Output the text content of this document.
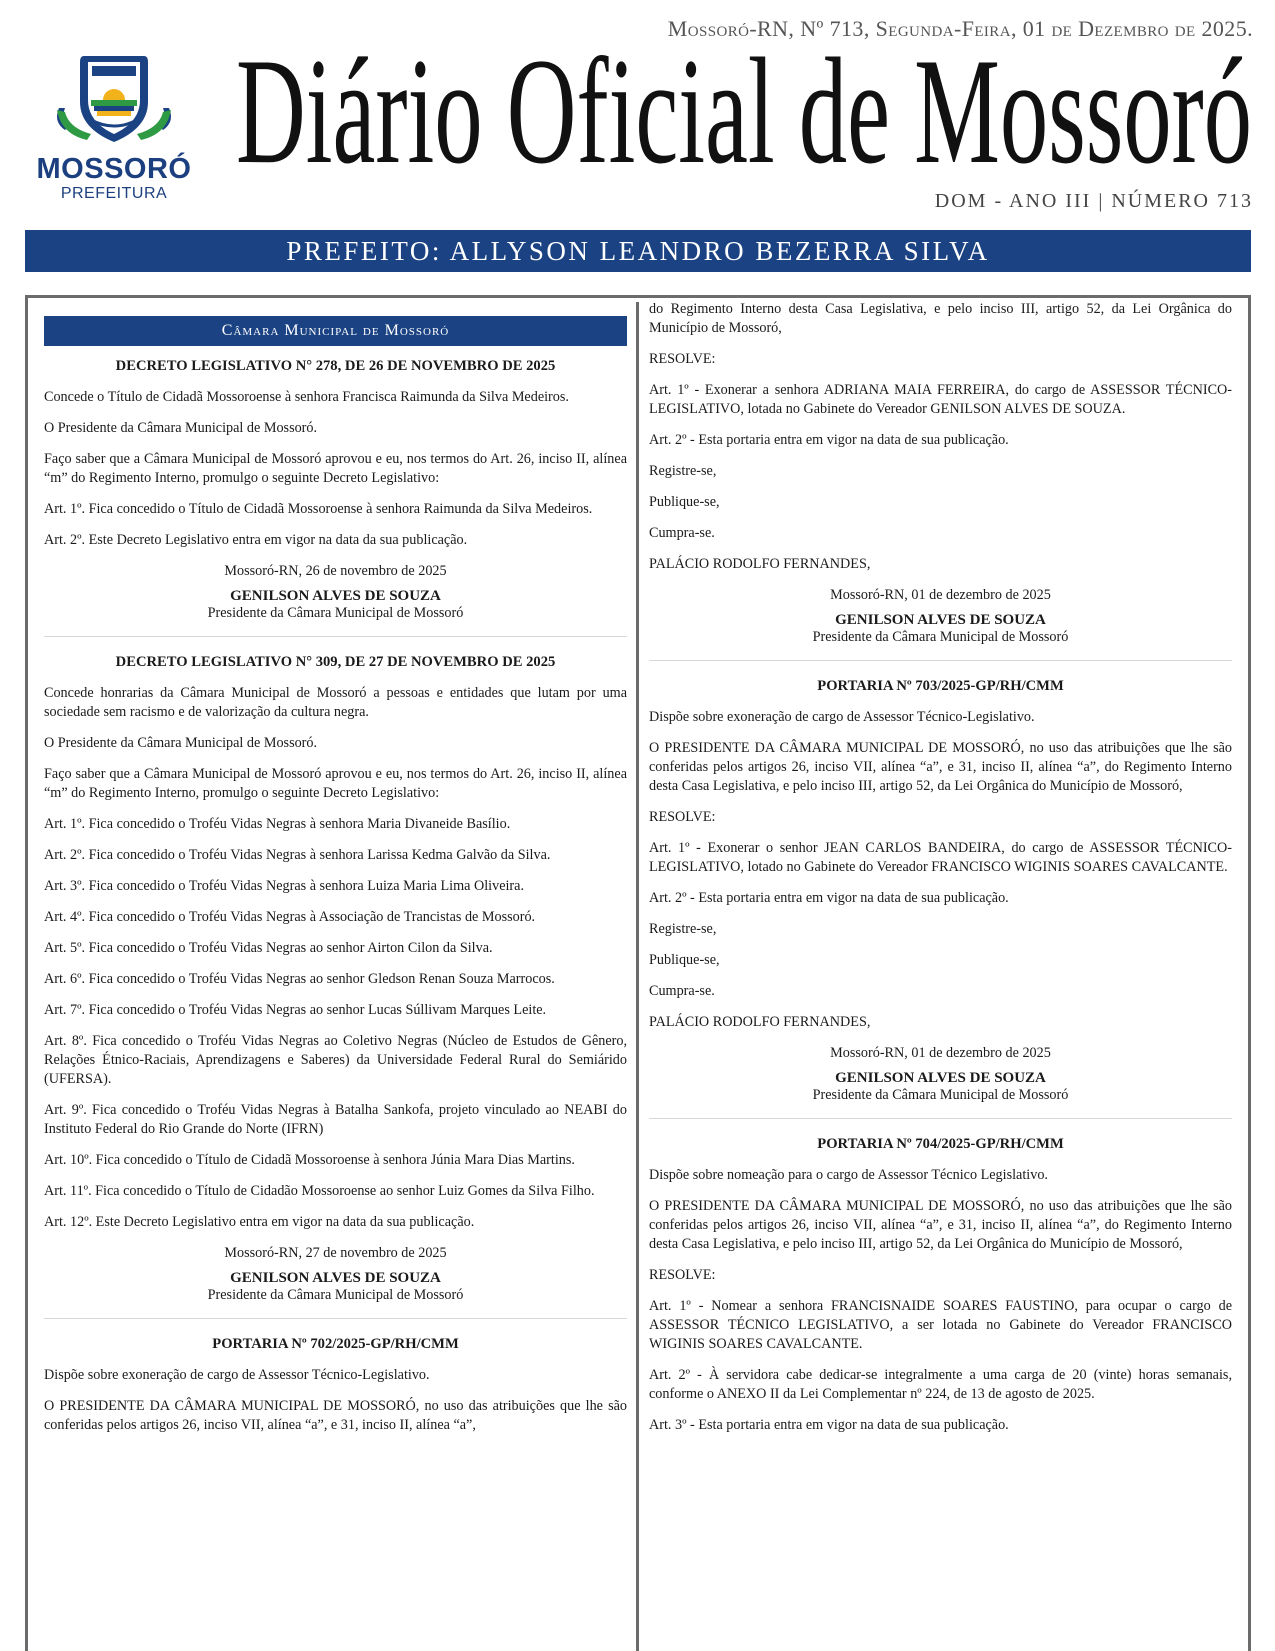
MOSSORÓ
PREFEITURA
Mossoró-RN, Nº 713, Segunda-Feira, 01 de Dezembro de 2025.
Diário Oficial de Mossoró
DOM - ANO III | NÚMERO 713
PREFEITO: ALLYSON LEANDRO BEZERRA SILVA
Câmara Municipal de Mossoró
DECRETO LEGISLATIVO N° 278, DE 26 DE NOVEMBRO DE 2025
Concede o Título de Cidadã Mossoroense à senhora Francisca Raimunda da Silva Medeiros.
O Presidente da Câmara Municipal de Mossoró.
Faço saber que a Câmara Municipal de Mossoró aprovou e eu, nos termos do Art. 26, inciso II, alínea “m” do Regimento Interno, promulgo o seguinte Decreto Legislativo:
Art. 1º. Fica concedido o Título de Cidadã Mossoroense à senhora Raimunda da Silva Medeiros.
Art. 2º. Este Decreto Legislativo entra em vigor na data da sua publicação.
Mossoró-RN, 26 de novembro de 2025
GENILSON ALVES DE SOUZA
Presidente da Câmara Municipal de Mossoró
DECRETO LEGISLATIVO N° 309, DE 27 DE NOVEMBRO DE 2025
Concede honrarias da Câmara Municipal de Mossoró a pessoas e entidades que lutam por uma sociedade sem racismo e de valorização da cultura negra.
O Presidente da Câmara Municipal de Mossoró.
Faço saber que a Câmara Municipal de Mossoró aprovou e eu, nos termos do Art. 26, inciso II, alínea “m” do Regimento Interno, promulgo o seguinte Decreto Legislativo:
Art. 1º. Fica concedido o Troféu Vidas Negras à senhora Maria Divaneide Basílio.
Art. 2º. Fica concedido o Troféu Vidas Negras à senhora Larissa Kedma Galvão da Silva.
Art. 3º. Fica concedido o Troféu Vidas Negras à senhora Luiza Maria Lima Oliveira.
Art. 4º. Fica concedido o Troféu Vidas Negras à Associação de Trancistas de Mossoró.
Art. 5º. Fica concedido o Troféu Vidas Negras ao senhor Airton Cilon da Silva.
Art. 6º. Fica concedido o Troféu Vidas Negras ao senhor Gledson Renan Souza Marrocos.
Art. 7º. Fica concedido o Troféu Vidas Negras ao senhor Lucas Súllivam Marques Leite.
Art. 8º. Fica concedido o Troféu Vidas Negras ao Coletivo Negras (Núcleo de Estudos de Gênero, Relações Étnico-Raciais, Aprendizagens e Saberes) da Universidade Federal Rural do Semiárido (UFERSA).
Art. 9º. Fica concedido o Troféu Vidas Negras à Batalha Sankofa, projeto vinculado ao NEABI do Instituto Federal do Rio Grande do Norte (IFRN)
Art. 10º. Fica concedido o Título de Cidadã Mossoroense à senhora Júnia Mara Dias Martins.
Art. 11º. Fica concedido o Título de Cidadão Mossoroense ao senhor Luiz Gomes da Silva Filho.
Art. 12º. Este Decreto Legislativo entra em vigor na data da sua publicação.
Mossoró-RN, 27 de novembro de 2025
GENILSON ALVES DE SOUZA
Presidente da Câmara Municipal de Mossoró
PORTARIA Nº 702/2025-GP/RH/CMM
Dispõe sobre exoneração de cargo de Assessor Técnico-Legislativo.
O PRESIDENTE DA CÂMARA MUNICIPAL DE MOSSORÓ, no uso das atribuições que lhe são conferidas pelos artigos 26, inciso VII, alínea “a”, e 31, inciso II, alínea “a”,
do Regimento Interno desta Casa Legislativa, e pelo inciso III, artigo 52, da Lei Orgânica do Município de Mossoró,
RESOLVE:
Art. 1º - Exonerar a senhora ADRIANA MAIA FERREIRA, do cargo de ASSESSOR TÉCNICO-LEGISLATIVO, lotada no Gabinete do Vereador GENILSON ALVES DE SOUZA.
Art. 2º - Esta portaria entra em vigor na data de sua publicação.
Registre-se,
Publique-se,
Cumpra-se.
PALÁCIO RODOLFO FERNANDES,
Mossoró-RN, 01 de dezembro de 2025
GENILSON ALVES DE SOUZA
Presidente da Câmara Municipal de Mossoró
PORTARIA Nº 703/2025-GP/RH/CMM
Dispõe sobre exoneração de cargo de Assessor Técnico-Legislativo.
O PRESIDENTE DA CÂMARA MUNICIPAL DE MOSSORÓ, no uso das atribuições que lhe são conferidas pelos artigos 26, inciso VII, alínea “a”, e 31, inciso II, alínea “a”, do Regimento Interno desta Casa Legislativa, e pelo inciso III, artigo 52, da Lei Orgânica do Município de Mossoró,
RESOLVE:
Art. 1º - Exonerar o senhor JEAN CARLOS BANDEIRA, do cargo de ASSESSOR TÉCNICO-LEGISLATIVO, lotado no Gabinete do Vereador FRANCISCO WIGINIS SOARES CAVALCANTE.
Art. 2º - Esta portaria entra em vigor na data de sua publicação.
Registre-se,
Publique-se,
Cumpra-se.
PALÁCIO RODOLFO FERNANDES,
Mossoró-RN, 01 de dezembro de 2025
GENILSON ALVES DE SOUZA
Presidente da Câmara Municipal de Mossoró
PORTARIA Nº 704/2025-GP/RH/CMM
Dispõe sobre nomeação para o cargo de Assessor Técnico Legislativo.
O PRESIDENTE DA CÂMARA MUNICIPAL DE MOSSORÓ, no uso das atribuições que lhe são conferidas pelos artigos 26, inciso VII, alínea “a”, e 31, inciso II, alínea “a”, do Regimento Interno desta Casa Legislativa, e pelo inciso III, artigo 52, da Lei Orgânica do Município de Mossoró,
RESOLVE:
Art. 1º - Nomear a senhora FRANCISNAIDE SOARES FAUSTINO, para ocupar o cargo de ASSESSOR TÉCNICO LEGISLATIVO, a ser lotada no Gabinete do Vereador FRANCISCO WIGINIS SOARES CAVALCANTE.
Art. 2º - À servidora cabe dedicar-se integralmente a uma carga de 20 (vinte) horas semanais, conforme o ANEXO II da Lei Complementar nº 224, de 13 de agosto de 2025.
Art. 3º - Esta portaria entra em vigor na data de sua publicação.
